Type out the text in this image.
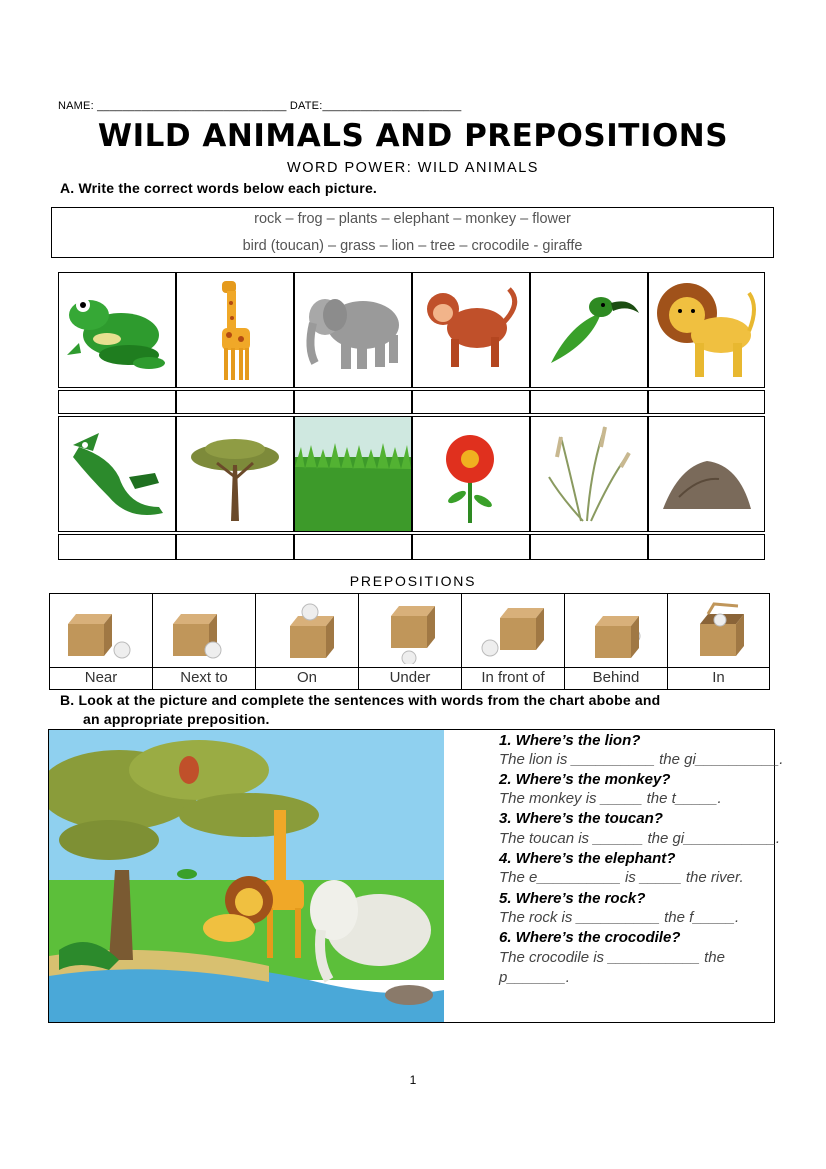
NAME: ______________________________ DATE:______________________
WILD ANIMALS AND PREPOSITIONS
WORD POWER: WILD ANIMALS
A. Write the correct words below each picture.
rock – frog – plants – elephant – monkey – flower
bird (toucan) – grass – lion – tree – crocodile - giraffe
PREPOSITIONS
Near	Next to	On	Under	In front of	Behind	In
B. Look at the picture and complete the sentences with words from the chart abobe and
an appropriate preposition.
1. Where’s the lion?
The lion is __________ the gi__________.
2. Where’s the monkey?
The monkey is _____ the t_____.
3. Where’s the toucan?
The toucan is ______ the gi___________.
4. Where’s the elephant?
The e__________ is _____ the river.
5. Where’s the rock?
The rock is __________ the f_____.
6. Where’s the crocodile?
The crocodile is ___________ the
p_______.
1
